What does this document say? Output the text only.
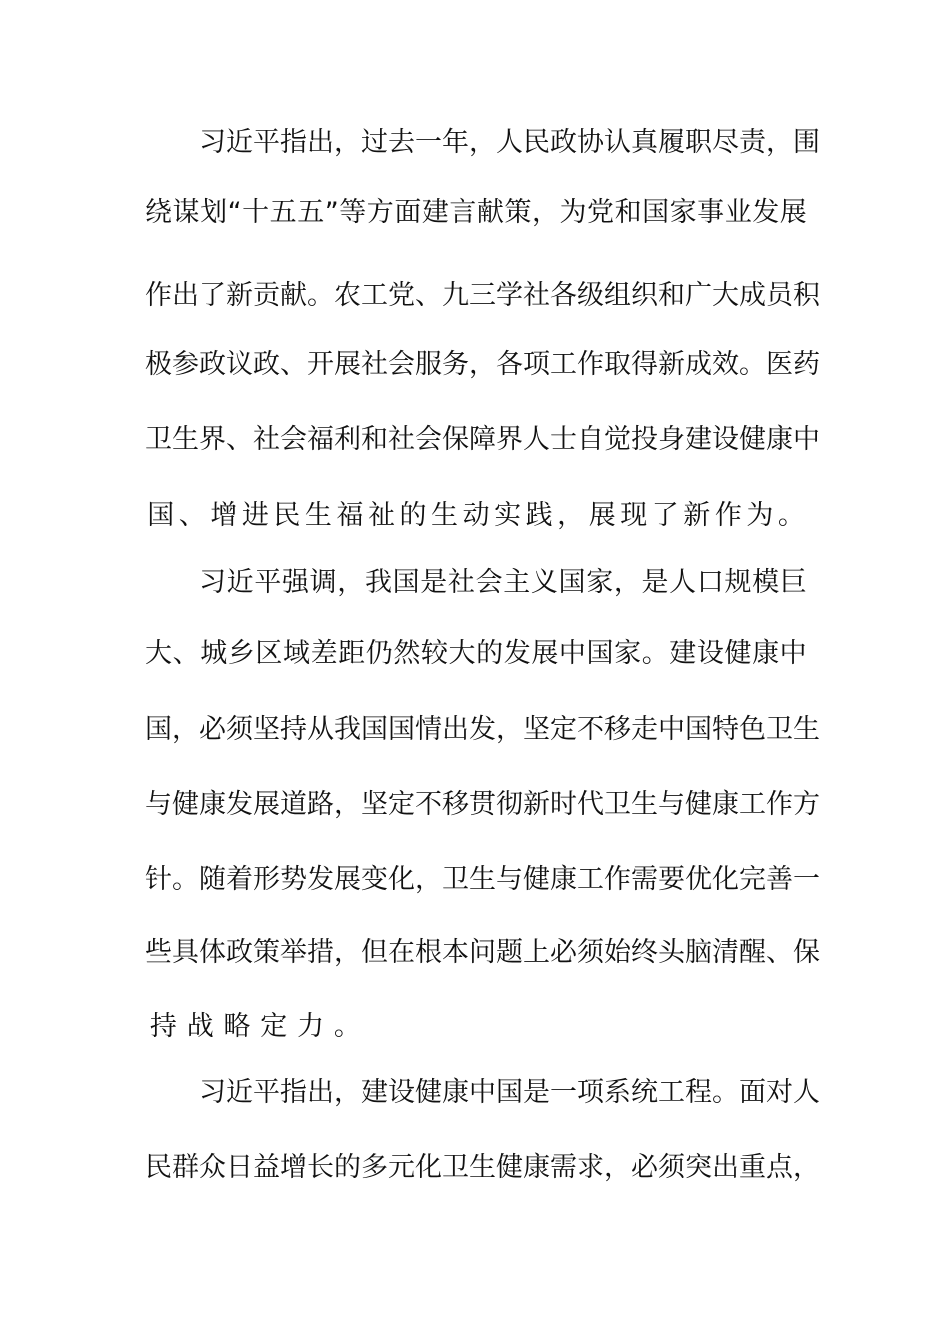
习 近 平 指 出 ， 过 去 一 年 ， 人 民 政 协 认 真 履 职 尽 责 ， 围
绕 谋 划 “ 十 五 五 ” 等 方 面 建 言 献 策 ， 为 党 和 国 家 事 业 发 展
作 出 了 新 贡 献 。 农 工 党 、 九 三 学 社 各 级 组 织 和 广 大 成 员 积
极 参 政 议 政 、 开 展 社 会 服 务 ， 各 项 工 作 取 得 新 成 效 。 医 药
卫 生 界 、 社 会 福 利 和 社 会 保 障 界 人 士 自 觉 投 身 建 设 健 康 中
国 、 增 进 民 生 福 祉 的 生 动 实 践 ， 展 现 了 新 作 为 。
习 近 平 强 调 ， 我 国 是 社 会 主 义 国 家 ， 是 人 口 规 模 巨
大 、 城 乡 区 域 差 距 仍 然 较 大 的 发 展 中 国 家 。 建 设 健 康 中
国 ， 必 须 坚 持 从 我 国 国 情 出 发 ， 坚 定 不 移 走 中 国 特 色 卫 生
与 健 康 发 展 道 路 ， 坚 定 不 移 贯 彻 新 时 代 卫 生 与 健 康 工 作 方
针 。 随 着 形 势 发 展 变 化 ， 卫 生 与 健 康 工 作 需 要 优 化 完 善 一
些 具 体 政 策 举 措 ， 但 在 根 本 问 题 上 必 须 始 终 头 脑 清 醒 、 保
持 战 略 定 力 。
习 近 平 指 出 ， 建 设 健 康 中 国 是 一 项 系 统 工 程 。 面 对 人
民 群 众 日 益 增 长 的 多 元 化 卫 生 健 康 需 求 ， 必 须 突 出 重 点 ，
